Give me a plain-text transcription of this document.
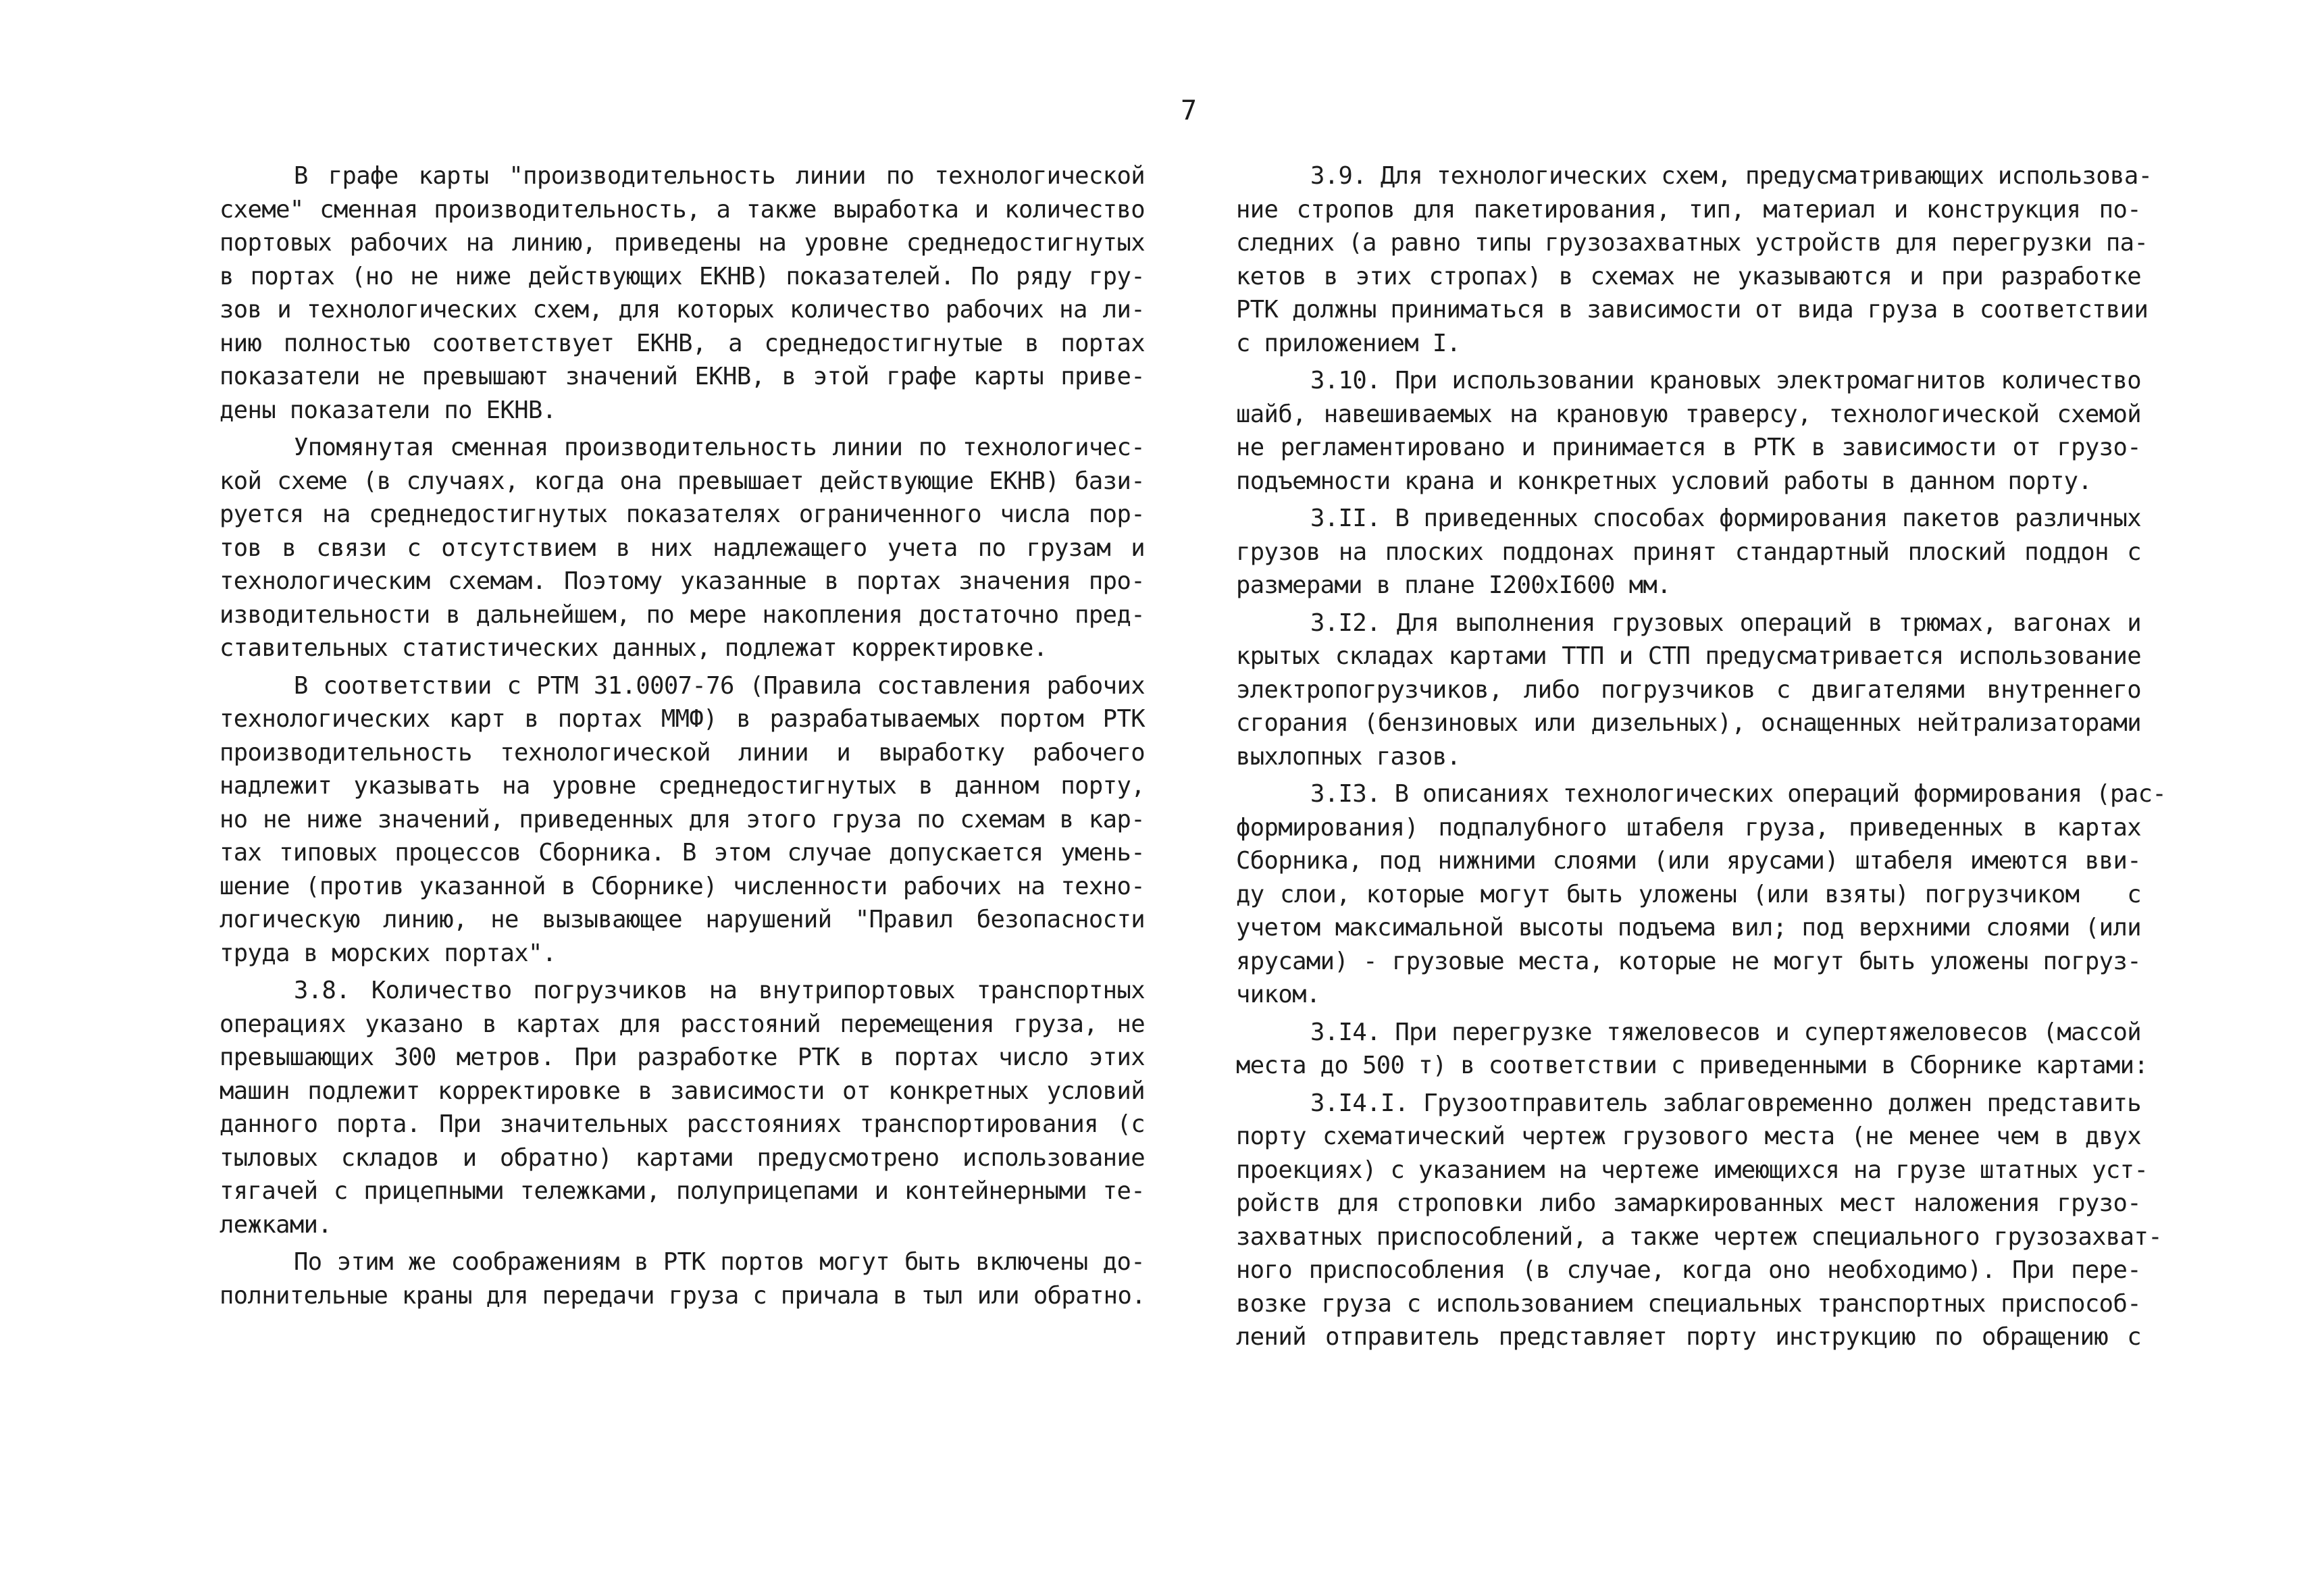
7
В графе карты "производительность линии по технологической
схеме" сменная производительность, а также выработка и количество
портовых рабочих на линию, приведены на уровне среднедостигнутых
в портах (но не ниже действующих ЕКНВ) показателей. По ряду гру-
зов и технологических схем, для которых количество рабочих на ли-
нию полностью соответствует ЕКНВ, а среднедостигнутые в портах
показатели не превышают значений ЕКНВ, в этой графе карты приве-
дены показатели по ЕКНВ.
Упомянутая сменная производительность линии по технологичес-
кой схеме (в случаях, когда она превышает действующие ЕКНВ) бази-
руется на среднедостигнутых показателях ограниченного числа пор-
тов в связи с отсутствием в них надлежащего учета по грузам и
технологическим схемам. Поэтому указанные в портах значения про-
изводительности в дальнейшем, по мере накопления достаточно пред-
ставительных статистических данных, подлежат корректировке.
В соответствии с РТМ 31.0007-76 (Правила составления рабочих
технологических карт в портах ММФ) в разрабатываемых портом РТК
производительность технологической линии и выработку рабочего
надлежит указывать на уровне среднедостигнутых в данном порту,
но не ниже значений, приведенных для этого груза по схемам в кар-
тах типовых процессов Сборника. В этом случае допускается умень-
шение (против указанной в Сборнике) численности рабочих на техно-
логическую линию, не вызывающее нарушений "Правил безопасности
труда в морских портах".
3.8. Количество погрузчиков на внутрипортовых транспортных
операциях указано в картах для расстояний перемещения груза, не
превышающих 300 метров. При разработке РТК в портах число этих
машин подлежит корректировке в зависимости от конкретных условий
данного порта. При значительных расстояниях транспортирования (с
тыловых складов и обратно) картами предусмотрено использование
тягачей с прицепными тележками, полуприцепами и контейнерными те-
лежками.
По этим же соображениям в РТК портов могут быть включены до-
полнительные краны для передачи груза с причала в тыл или обратно.
3.9. Для технологических схем, предусматривающих использова-
ние стропов для пакетирования, тип, материал и конструкция по-
следних (а равно типы грузозахватных устройств для перегрузки па-
кетов в этих стропах) в схемах не указываются и при разработке
РТК должны приниматься в зависимости от вида груза в соответствии
с приложением I.
3.10. При использовании крановых электромагнитов количество
шайб, навешиваемых на крановую траверсу, технологической схемой
не регламентировано и принимается в РТК в зависимости от грузо-
подъемности крана и конкретных условий работы в данном порту.
3.II. В приведенных способах формирования пакетов различных
грузов на плоских поддонах принят стандартный плоский поддон с
размерами в плане I200xI600 мм.
3.I2. Для выполнения грузовых операций в трюмах, вагонах и
крытых складах картами ТТП и СТП предусматривается использование
электропогрузчиков, либо погрузчиков с двигателями внутреннего
сгорания (бензиновых или дизельных), оснащенных нейтрализаторами
выхлопных газов.
3.I3. В описаниях технологических операций формирования (рас-
формирования) подпалубного штабеля груза, приведенных в картах
Сборника, под нижними слоями (или ярусами) штабеля имеются вви-
ду слои, которые могут быть уложены (или взяты) погрузчиком   с
учетом максимальной высоты подъема вил; под верхними слоями (или
ярусами) - грузовые места, которые не могут быть уложены погруз-
чиком.
3.I4. При перегрузке тяжеловесов и супертяжеловесов (массой
места до 500 т) в соответствии с приведенными в Сборнике картами:
3.I4.I. Грузоотправитель заблаговременно должен представить
порту схематический чертеж грузового места (не менее чем в двух
проекциях) с указанием на чертеже имеющихся на грузе штатных уст-
ройств для строповки либо замаркированных мест наложения грузо-
захватных приспособлений, а также чертеж специального грузозахват-
ного приспособления (в случае, когда оно необходимо). При пере-
возке груза с использованием специальных транспортных приспособ-
лений отправитель представляет порту инструкцию по обращению с
